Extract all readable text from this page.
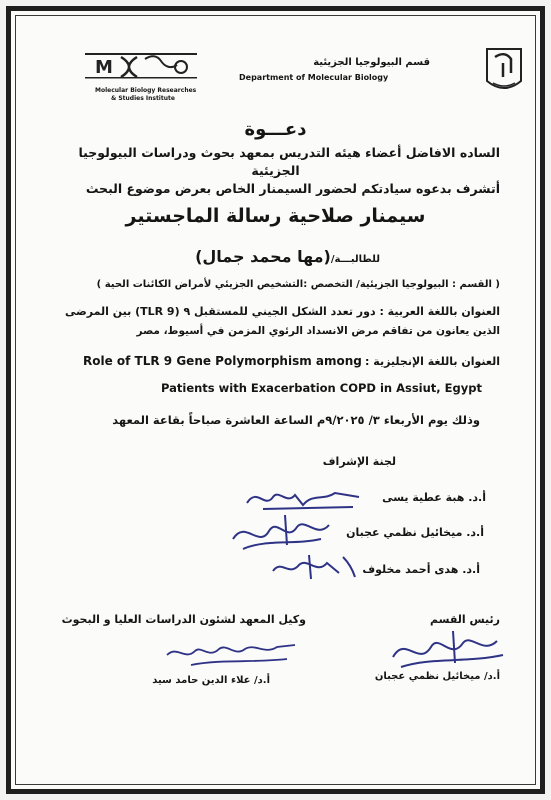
M
Molecular Biology Researches
& Studies Institute
قسم البيولوجيا الجزيئية
Department of Molecular Biology
دعـــوة
الساده الافاضل أعضاء هيئه التدريس بمعهد بحوث ودراسات البيولوجيا
الجزيئية
أتشرف بدعوه سيادتكم لحضور السيمنار الخاص بعرض موضوع البحث
سيمنار صلاحية رسالة الماجستير
للطالبـــة/(مها محمد جمال)
( القسم : البيولوجيا الجزيئية/ التخصص :التشخيص الجزيئي لأمراض الكائنات الحية )
العنوان باللغة العربية : دور تعدد الشكل الجيني للمستقبل ٩ (TLR 9) بين المرضى
الذين يعانون من تفاقم مرض الانسداد الرئوي المزمن في أسيوط، مصر
العنوان باللغة الإنجليزية :
Role of TLR 9 Gene Polymorphism among
Patients with Exacerbation COPD in Assiut, Egypt
وذلك يوم الأربعاء ٣/ ٩/٢٠٢٥م الساعة العاشرة صباحاً بقاعة المعهد
لجنة الإشراف
أ.د. هبة عطية يسى
أ.د. ميخائيل نظمي عجبان
أ.د. هدى أحمد مخلوف
رئيس القسم
أ.د/ ميخائيل نظمي عجبان
وكيل المعهد لشئون الدراسات العليا و البحوث
أ.د/ علاء الدين حامد سيد
